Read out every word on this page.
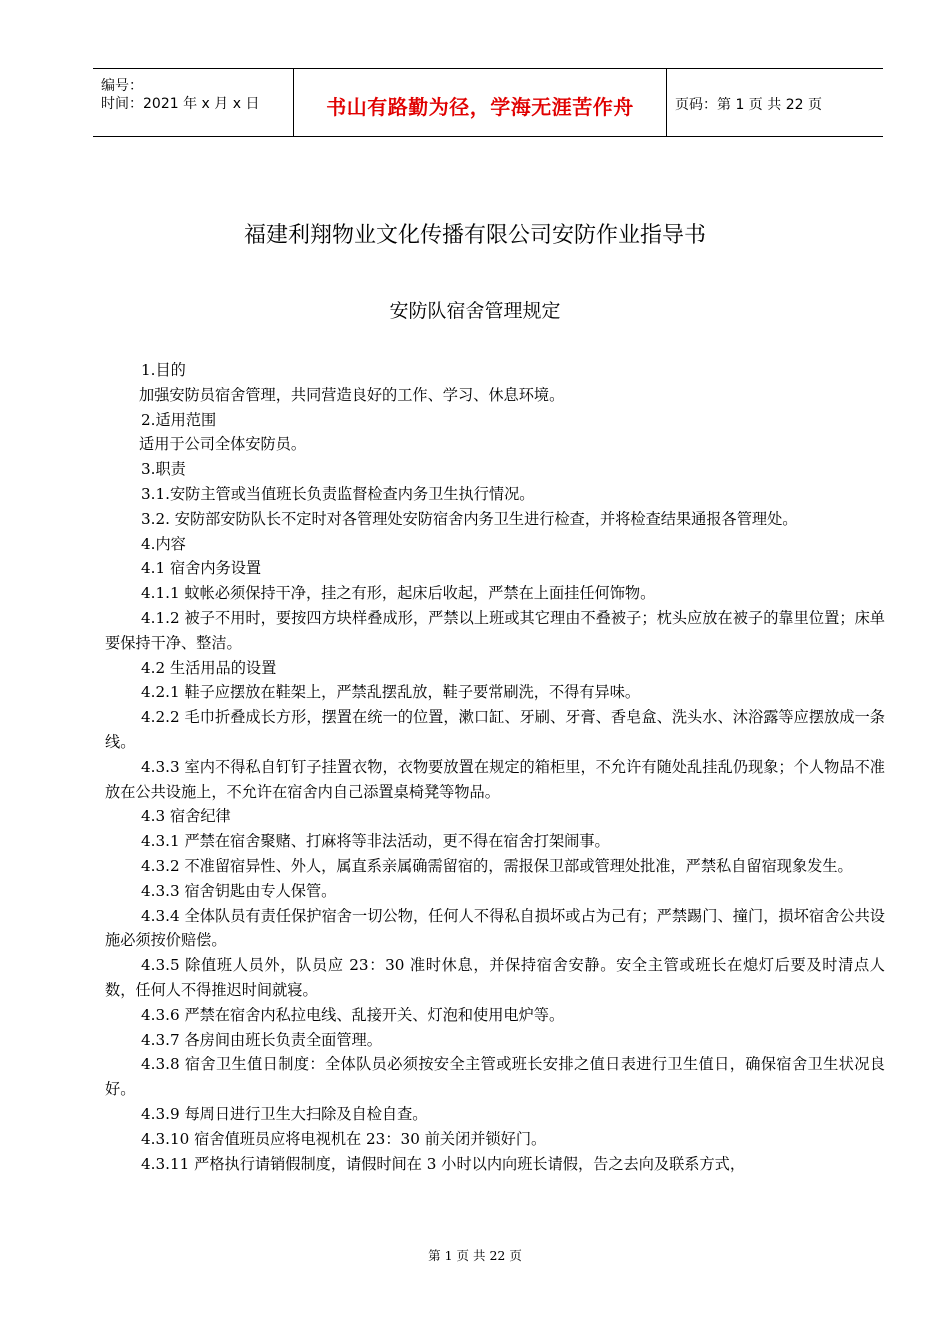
编号：
时间：2021 年 x 月 x 日	书山有路勤为径，学海无涯苦作舟	页码：第 1 页 共 22 页
福建利翔物业文化传播有限公司安防作业指导书
安防队宿舍管理规定

1.目的

加强安防员宿舍管理，共同营造良好的工作、学习、休息环境。

2.适用范围

适用于公司全体安防员。

3.职责

3.1.安防主管或当值班长负责监督检查内务卫生执行情况。

3.2. 安防部安防队长不定时对各管理处安防宿舍内务卫生进行检查，并将检查结果通报各管理处。

4.内容

4.1 宿舍内务设置

4.1.1 蚊帐必须保持干净，挂之有形，起床后收起，严禁在上面挂任何饰物。

4.1.2 被子不用时，要按四方块样叠成形，严禁以上班或其它理由不叠被子；枕头应放在被子的靠里位置；床单要保持干净、整洁。

4.2 生活用品的设置

4.2.1 鞋子应摆放在鞋架上，严禁乱摆乱放，鞋子要常刷洗，不得有异味。

4.2.2 毛巾折叠成长方形，摆置在统一的位置，漱口缸、牙刷、牙膏、香皂盒、洗头水、沐浴露等应摆放成一条线。

4.3.3 室内不得私自钉钉子挂置衣物，衣物要放置在规定的箱柜里，不允许有随处乱挂乱仍现象；个人物品不准放在公共设施上，不允许在宿舍内自己添置桌椅凳等物品。

4.3 宿舍纪律

4.3.1 严禁在宿舍聚赌、打麻将等非法活动，更不得在宿舍打架闹事。

4.3.2 不准留宿异性、外人，属直系亲属确需留宿的，需报保卫部或管理处批准，严禁私自留宿现象发生。

4.3.3 宿舍钥匙由专人保管。

4.3.4 全体队员有责任保护宿舍一切公物，任何人不得私自损坏或占为己有；严禁踢门、撞门，损坏宿舍公共设施必须按价赔偿。

4.3.5 除值班人员外，队员应 23：30 准时休息，并保持宿舍安静。安全主管或班长在熄灯后要及时清点人数，任何人不得推迟时间就寝。

4.3.6 严禁在宿舍内私拉电线、乱接开关、灯泡和使用电炉等。

4.3.7 各房间由班长负责全面管理。

4.3.8 宿舍卫生值日制度：全体队员必须按安全主管或班长安排之值日表进行卫生值日，确保宿舍卫生状况良好。

4.3.9 每周日进行卫生大扫除及自检自查。

4.3.10 宿舍值班员应将电视机在 23：30 前关闭并锁好门。

4.3.11 严格执行请销假制度，请假时间在 3 小时以内向班长请假，告之去向及联系方式，

第 1 页 共 22 页
